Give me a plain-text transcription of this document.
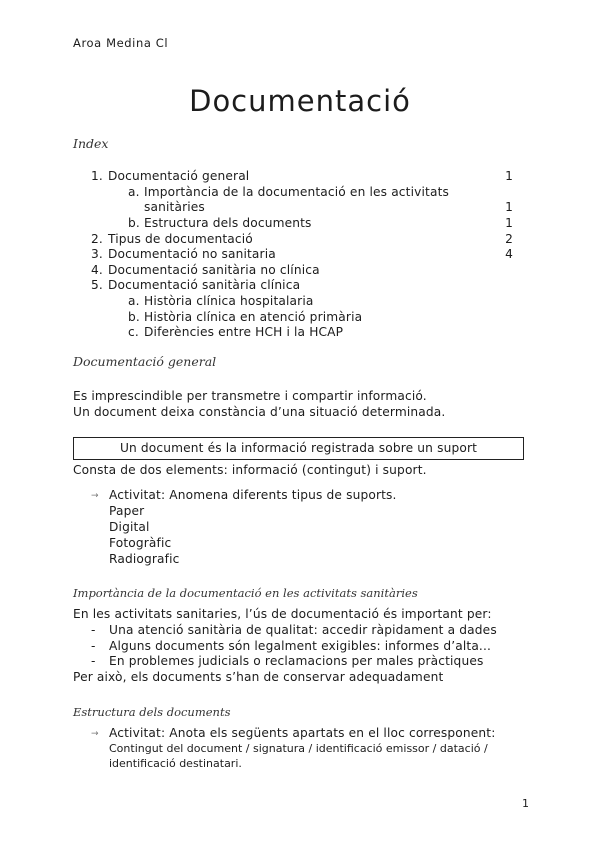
Aroa Medina Cl
Documentació
Index
1. Documentació general	1
a. Importància de la documentació en les activitats
sanitàries	1
b. Estructura dels documents	1
2. Tipus de documentació	2
3. Documentació no sanitaria	4
4. Documentació sanitària no clínica
5. Documentació sanitària clínica
a. Història clínica hospitalaria
b. Història clínica en atenció primària
c. Diferències entre HCH i la HCAP
Documentació general
Es imprescindible per transmetre i compartir informació.
Un document deixa constància d’una situació determinada.
Un document és la informació registrada sobre un suport
Consta de dos elements: informació (contingut) i suport.
→ Activitat: Anomena diferents tipus de suports.
Paper
Digital
Fotogràfic
Radiografic
Importància de la documentació en les activitats sanitàries
En les activitats sanitaries, l’ús de documentació és important per:
- Una atenció sanitària de qualitat: accedir ràpidament a dades
- Alguns documents són legalment exigibles: informes d’alta...
- En problemes judicials o reclamacions per males pràctiques
Per això, els documents s’han de conservar adequadament
Estructura dels documents
→ Activitat: Anota els següents apartats en el lloc corresponent:
Contingut del document / signatura / identificació emissor / datació /
identificació destinatari.
1
